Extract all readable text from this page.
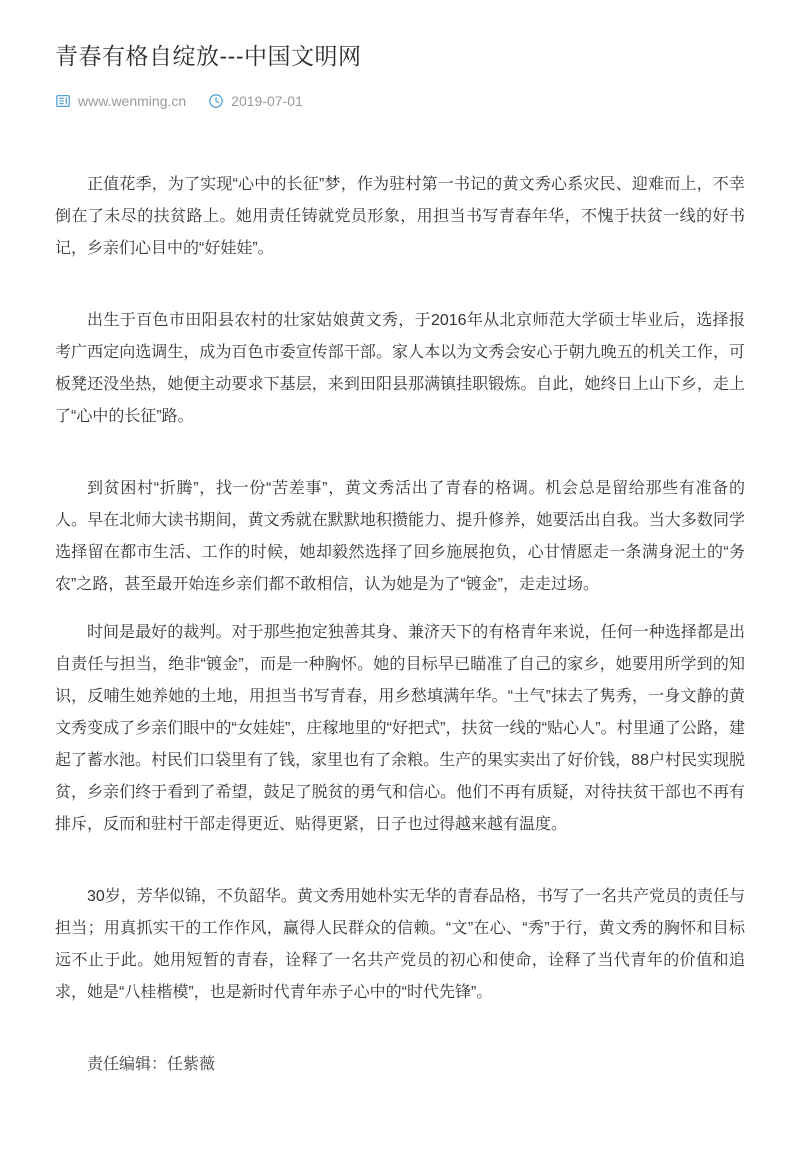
青春有格自绽放---中国文明网
www.wenming.cn	2019-07-01

正值花季，为了实现“心中的长征”梦，作为驻村第一书记的黄文秀心系灾民、迎难而上，不幸倒在了未尽的扶贫路上。她用责任铸就党员形象，用担当书写青春年华，不愧于扶贫一线的好书记，乡亲们心目中的“好娃娃”。

出生于百色市田阳县农村的壮家姑娘黄文秀，于2016年从北京师范大学硕士毕业后，选择报考广西定向选调生，成为百色市委宣传部干部。家人本以为文秀会安心于朝九晚五的机关工作，可板凳还没坐热，她便主动要求下基层，来到田阳县那满镇挂职锻炼。自此，她终日上山下乡，走上了“心中的长征”路。

到贫困村“折腾”，找一份“苦差事”，黄文秀活出了青春的格调。机会总是留给那些有准备的人。早在北师大读书期间，黄文秀就在默默地积攒能力、提升修养，她要活出自我。当大多数同学选择留在都市生活、工作的时候，她却毅然选择了回乡施展抱负，心甘情愿走一条满身泥土的“务农”之路，甚至最开始连乡亲们都不敢相信，认为她是为了“镀金”，走走过场。

时间是最好的裁判。对于那些抱定独善其身、兼济天下的有格青年来说，任何一种选择都是出自责任与担当，绝非“镀金”，而是一种胸怀。她的目标早已瞄准了自己的家乡，她要用所学到的知识，反哺生她养她的土地，用担当书写青春，用乡愁填满年华。“土气”抹去了隽秀，一身文静的黄文秀变成了乡亲们眼中的“女娃娃”，庄稼地里的“好把式”，扶贫一线的“贴心人”。村里通了公路，建起了蓄水池。村民们口袋里有了钱，家里也有了余粮。生产的果实卖出了好价钱，88户村民实现脱贫，乡亲们终于看到了希望，鼓足了脱贫的勇气和信心。他们不再有质疑，对待扶贫干部也不再有排斥，反而和驻村干部走得更近、贴得更紧，日子也过得越来越有温度。

30岁，芳华似锦，不负韶华。黄文秀用她朴实无华的青春品格，书写了一名共产党员的责任与担当；用真抓实干的工作作风，赢得人民群众的信赖。“文”在心、“秀”于行，黄文秀的胸怀和目标远不止于此。她用短暂的青春，诠释了一名共产党员的初心和使命，诠释了当代青年的价值和追求，她是“八桂楷模”，也是新时代青年赤子心中的“时代先锋”。

责任编辑：任紫薇
